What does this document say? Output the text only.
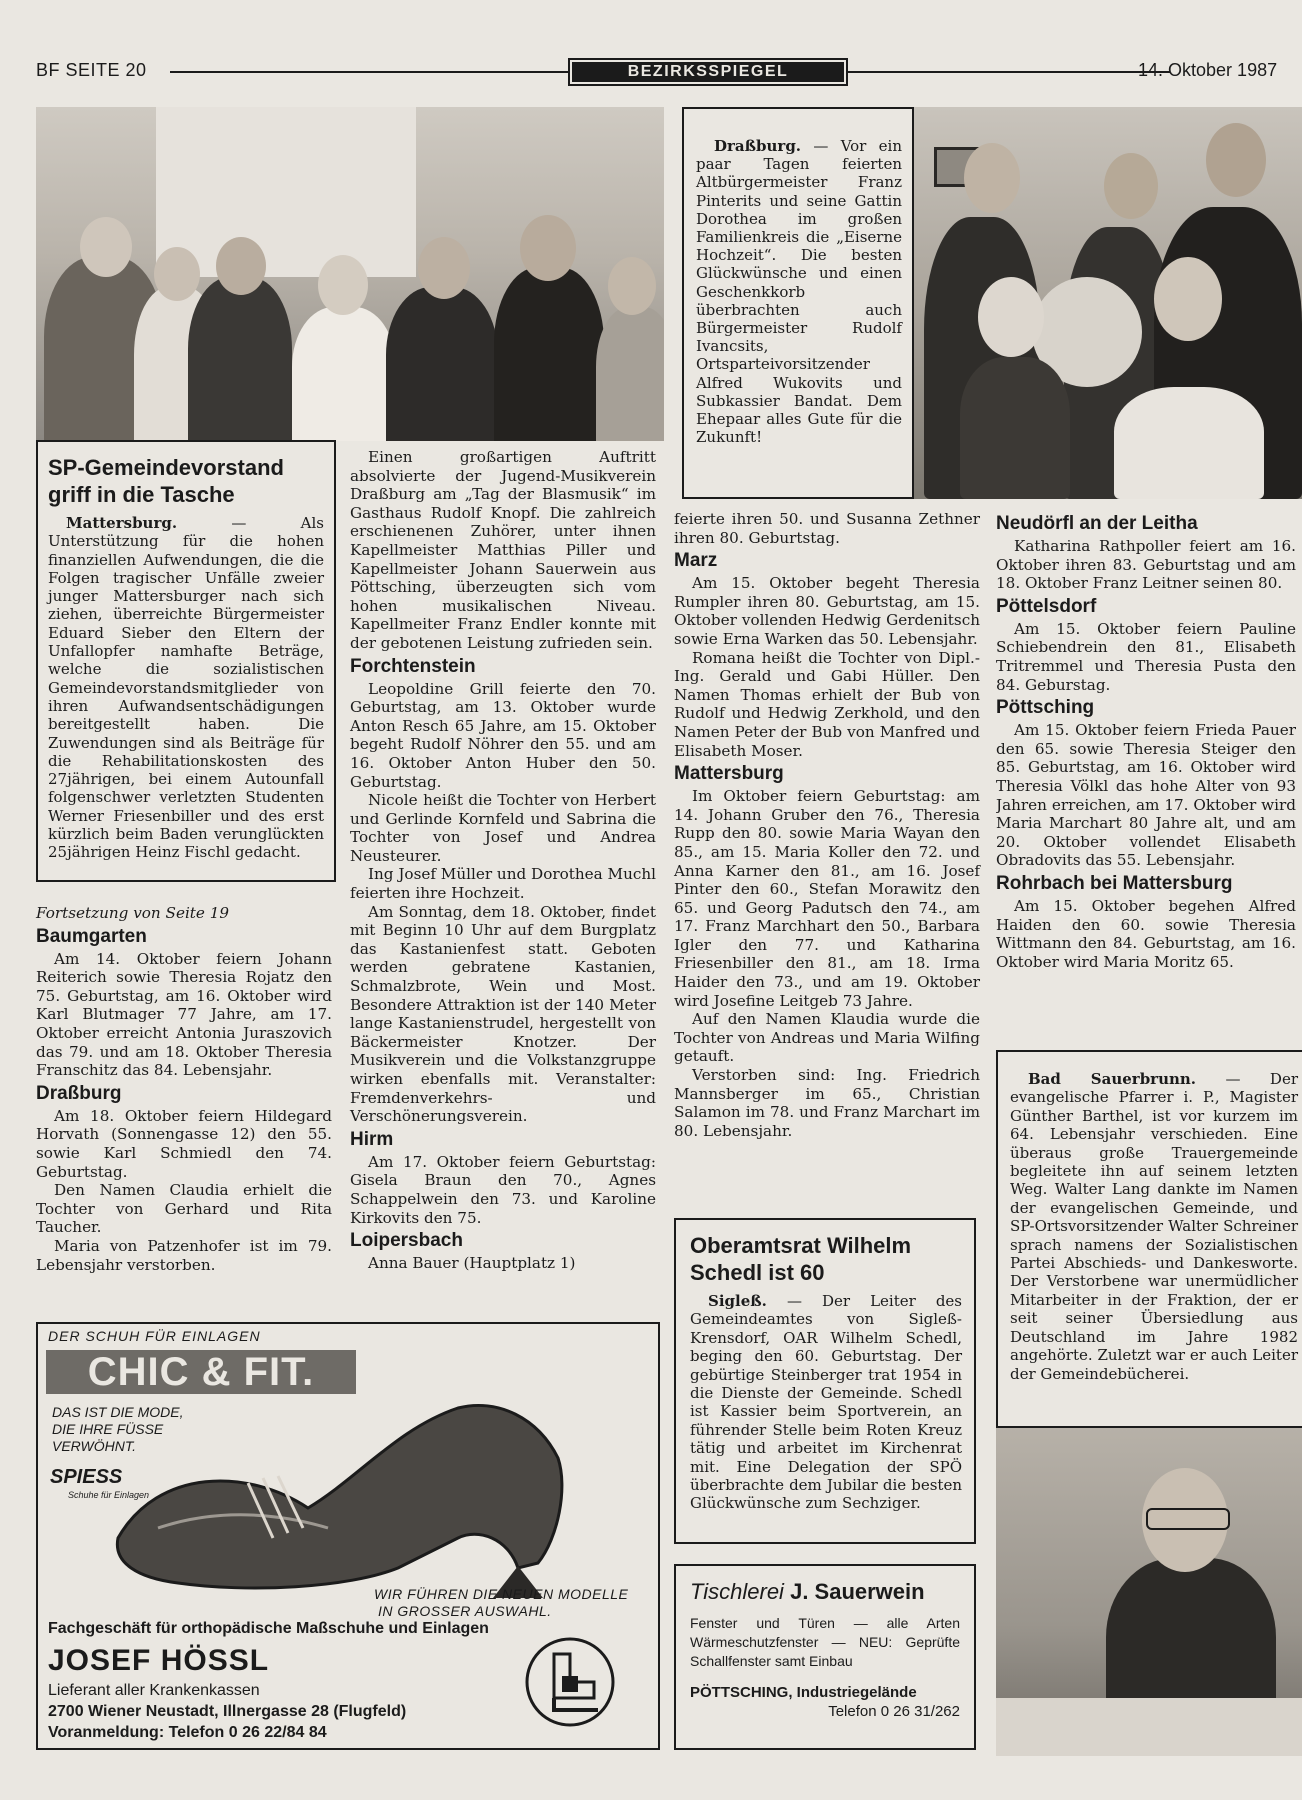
BF SEITE 20	BEZIRKSSPIEGEL	14. Oktober 1987
SP-Gemeindevorstand griff in die Tasche

Mattersburg.	— Als Unterstützung für die hohen finanziellen Aufwendungen, die die Folgen tragischer Unfälle zweier junger Mattersburger nach sich ziehen, überreichte Bürgermeister Eduard Sieber den Eltern der Unfallopfer namhafte Beträge, welche die sozialistischen Gemeindevorstandsmitglieder von ihren Aufwandsentschädigungen bereitgestellt haben. Die Zuwendungen sind als Beiträge für die Rehabilitationskosten des 27jährigen, bei einem Autounfall folgenschwer verletzten Studenten Werner Friesenbiller und des erst kürzlich beim Baden verunglückten 25jährigen Heinz Fischl gedacht.

Fortsetzung von Seite 19

Baumgarten

Am 14. Oktober feiern Johann Reiterich sowie Theresia Rojatz den 75. Geburtstag, am 16. Oktober wird Karl Blutmager 77 Jahre, am 17. Oktober erreicht Antonia Juraszovich das 79. und am 18. Oktober Theresia Franschitz das 84. Lebensjahr.

Draßburg

Am 18. Oktober feiern Hildegard Horvath (Sonnengasse 12) den 55. sowie Karl Schmiedl den 74. Geburtstag.

Den Namen Claudia erhielt die Tochter von Gerhard und Rita Taucher.

Maria von Patzenhofer ist im 79. Lebensjahr verstorben.

Einen großartigen Auftritt absolvierte der Jugend-Musikverein Draßburg am „Tag der Blasmusik“ im Gasthaus Rudolf Knopf. Die zahlreich erschienenen Zuhörer, unter ihnen Kapellmeister Matthias Piller und Kapellmeister Johann Sauerwein aus Pöttsching, überzeugten sich vom hohen musikalischen Niveau. Kapellmeiter Franz Endler konnte mit der gebotenen Leistung zufrieden sein.

Forchtenstein

Leopoldine Grill feierte den 70. Geburtstag, am 13. Oktober wurde Anton Resch 65 Jahre, am 15. Oktober begeht Rudolf Nöhrer den 55. und am 16. Oktober Anton Huber den 50. Geburtstag.

Nicole heißt die Tochter von Herbert und Gerlinde Kornfeld und Sabrina die Tochter von Josef und Andrea Neusteurer.

Ing Josef Müller und Dorothea Muchl feierten ihre Hochzeit.

Am Sonntag, dem 18. Oktober, findet mit Beginn 10 Uhr auf dem Burgplatz das Kastanienfest statt. Geboten werden gebratene Kastanien, Schmalzbrote, Wein und Most. Besondere Attraktion ist der 140 Meter lange Kastanienstrudel, hergestellt von Bäckermeister Knotzer. Der Musikverein und die Volkstanzgruppe wirken ebenfalls mit. Veranstalter: Fremdenverkehrs- und Verschönerungsverein.

Hirm

Am 17. Oktober feiern Geburtstag: Gisela Braun den 70., Agnes Schappelwein den 73. und Karoline Kirkovits den 75.

Loipersbach

Anna Bauer (Hauptplatz 1)

Draßburg. — Vor ein paar Tagen feierten Altbürgermeister Franz Pinterits und seine Gattin Dorothea im großen Familienkreis die „Eiserne Hochzeit“. Die besten Glückwünsche und einen Geschenkkorb überbrachten auch Bürgermeister Rudolf Ivancsits, Ortsparteivorsitzender Alfred Wukovits und Subkassier Bandat. Dem Ehepaar alles Gute für die Zukunft!

feierte ihren 50. und Susanna Zethner ihren 80. Geburtstag.

Marz

Am 15. Oktober begeht Theresia Rumpler ihren 80. Geburtstag, am 15. Oktober vollenden Hedwig Gerdenitsch sowie Erna Warken das 50. Lebensjahr.

Romana heißt die Tochter von Dipl.-Ing. Gerald und Gabi Hüller. Den Namen Thomas erhielt der Bub von Rudolf und Hedwig Zerkhold, und den Namen Peter der Bub von Manfred und Elisabeth Moser.

Mattersburg

Im Oktober feiern Geburtstag: am 14. Johann Gruber den 76., Theresia Rupp den 80. sowie Maria Wayan den 85., am 15. Maria Koller den 72. und Anna Karner den 81., am 16. Josef Pinter den 60., Stefan Morawitz den 65. und Georg Padutsch den 74., am 17. Franz Marchhart den 50., Barbara Igler den 77. und Katharina Friesenbiller den 81., am 18. Irma Haider den 73., und am 19. Oktober wird Josefine Leitgeb 73 Jahre.

Auf den Namen Klaudia wurde die Tochter von Andreas und Maria Wilfing getauft.

Verstorben sind: Ing. Friedrich Mannsberger im 65., Christian Salamon im 78. und Franz Marchart im 80. Lebensjahr.

Oberamtsrat Wilhelm Schedl ist 60

Sigleß. — Der Leiter des Gemeindeamtes von Sigleß-Krensdorf, OAR Wilhelm Schedl, beging den 60. Geburtstag. Der gebürtige Steinberger trat 1954 in die Dienste der Gemeinde. Schedl ist Kassier beim Sportverein, an führender Stelle beim Roten Kreuz tätig und arbeitet im Kirchenrat mit. Eine Delegation der SPÖ überbrachte dem Jubilar die besten Glückwünsche zum Sechziger.

Tischlerei J. Sauerwein

Fenster und Türen — alle Arten Wärmeschutzfenster — NEU: Geprüfte Schallfenster samt Einbau

PÖTTSCHING, Industriegelände

Telefon 0 26 31/262

Neudörfl an der Leitha

Katharina Rathpoller feiert am 16. Oktober ihren 83. Geburtstag und am 18. Oktober Franz Leitner seinen 80.

Pöttelsdorf

Am 15. Oktober feiern Pauline Schiebendrein den 81., Elisabeth Tritremmel und Theresia Pusta den 84. Geburstag.

Pöttsching

Am 15. Oktober feiern Frieda Pauer den 65. sowie Theresia Steiger den 85. Geburtstag, am 16. Oktober wird Theresia Völkl das hohe Alter von 93 Jahren erreichen, am 17. Oktober wird Maria Marchart 80 Jahre alt, und am 20. Oktober vollendet Elisabeth Obradovits das 55. Lebensjahr.

Rohrbach bei Mattersburg

Am 15. Oktober begehen Alfred Haiden den 60. sowie Theresia Wittmann den 84. Geburtstag, am 16. Oktober wird Maria Moritz 65.

Bad Sauerbrunn. — Der evangelische Pfarrer i. P., Magister Günther Barthel, ist vor kurzem im 64. Lebensjahr verschieden. Eine überaus große Trauergemeinde begleitete ihn auf seinem letzten Weg. Walter Lang dankte im Namen der evangelischen Gemeinde, und SP-Ortsvorsitzender Walter Schreiner sprach namens der Sozialistischen Partei Abschieds- und Dankesworte. Der Verstorbene war unermüdlicher Mitarbeiter in der Fraktion, der er seit seiner Übersiedlung aus Deutschland im Jahre 1982 angehörte. Zuletzt war er auch Leiter der Gemeindebücherei.

DER SCHUH FÜR EINLAGEN
CHIC & FIT.
DAS IST DIE MODE,
DIE IHRE FÜSSE
VERWÖHNT.
SPIESS
Schuhe für Einlagen
WIR FÜHREN DIE NEUEN MODELLE
IN GROSSER AUSWAHL.
Fachgeschäft für orthopädische Maßschuhe und Einlagen
JOSEF HÖSSL
Lieferant aller Krankenkassen
2700 Wiener Neustadt, Illnergasse 28 (Flugfeld)
Voranmeldung: Telefon 0 26 22/84 84
